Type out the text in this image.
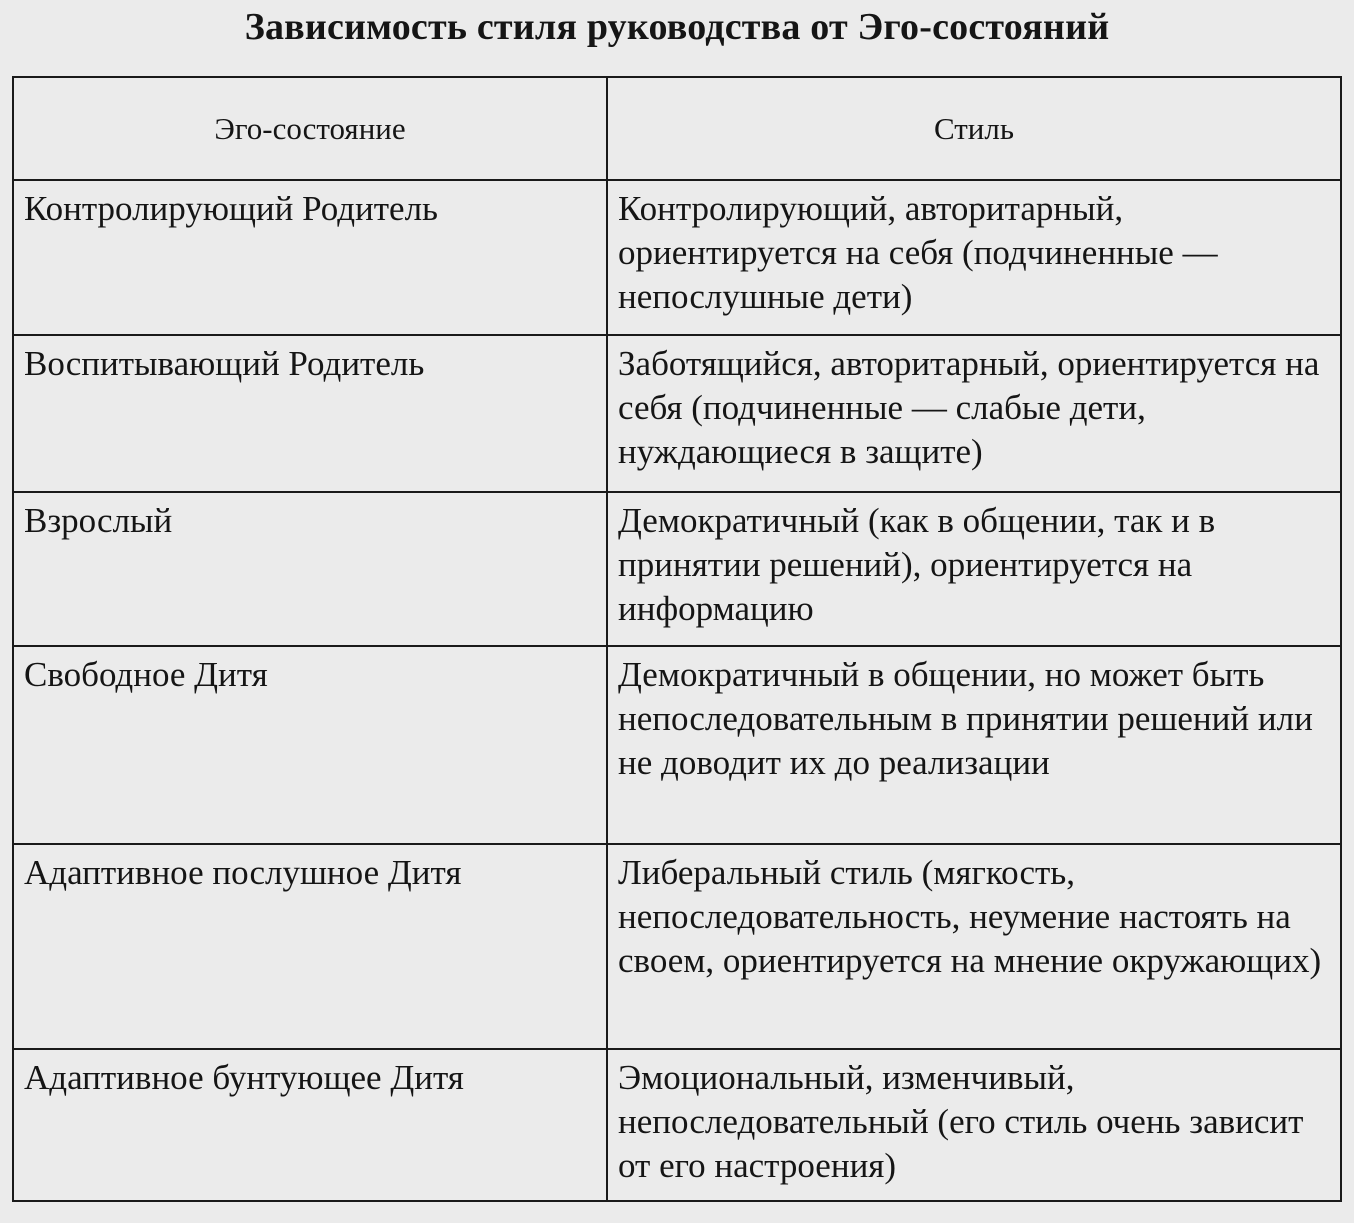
Зависимость стиля руководства от Эго-состояний
Эго-состояние	Стиль

Контролирующий Родитель	Контролирующий, авторитарный, ориентируется на себя (подчиненные — непослушные дети)

Воспитывающий Родитель	Заботящийся, авторитарный, ориентируется на себя (подчиненные — слабые дети, нуждающиеся в защите)

Взрослый	Демократичный (как в общении, так и в принятии решений), ориентируется на информацию

Свободное Дитя	Демократичный в общении, но может быть непоследовательным в принятии решений или не доводит их до реализации

Адаптивное послушное Дитя	Либеральный стиль (мягкость, непоследовательность, неумение настоять на своем, ориентируется на мнение окружающих)

Адаптивное бунтующее Дитя	Эмоциональный, изменчивый, непоследовательный (его стиль очень зависит от его настроения)
